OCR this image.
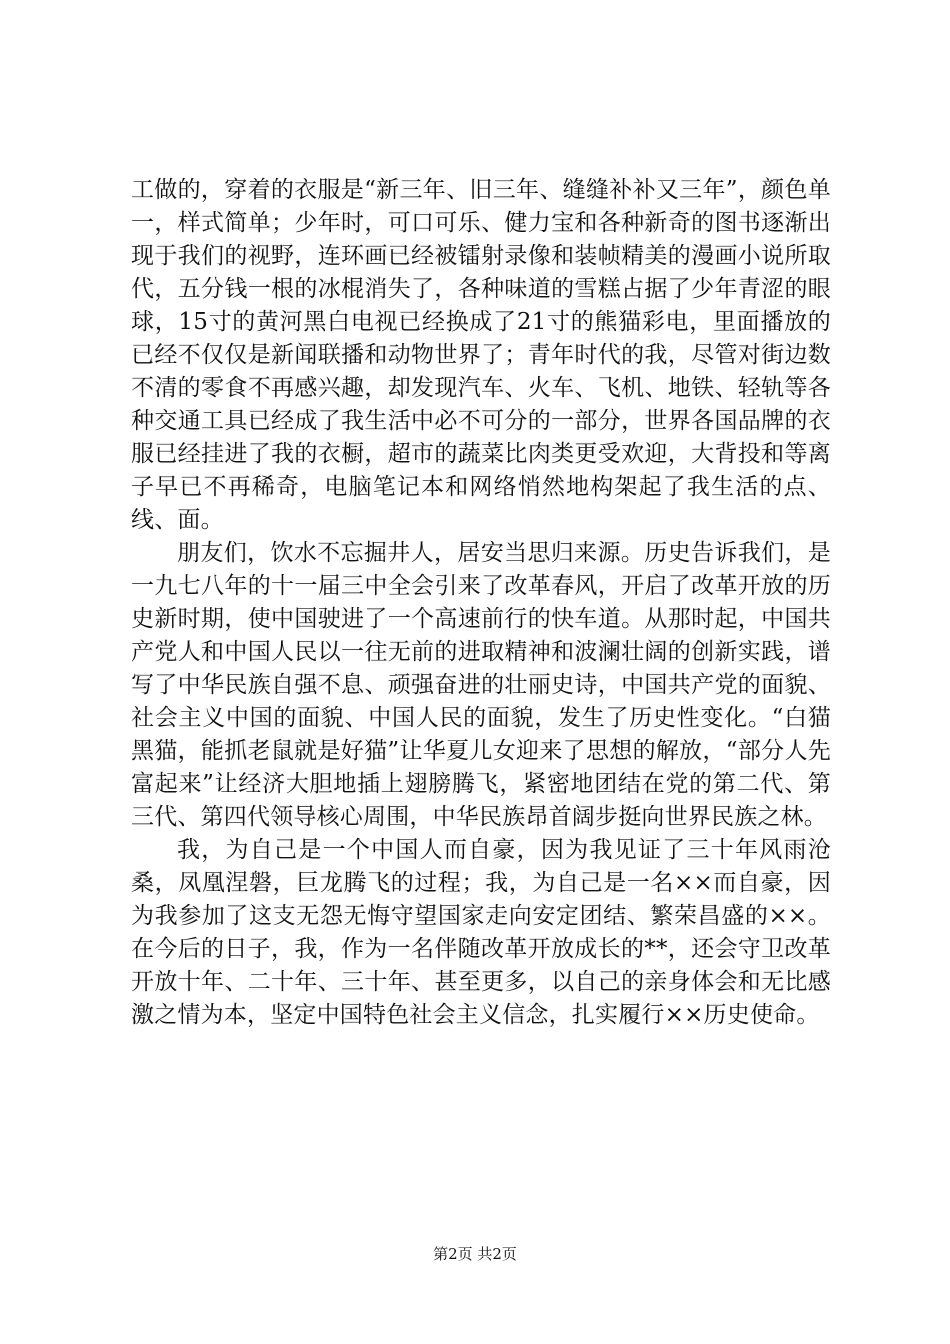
工做的，穿着的衣服是“新三年、旧三年、缝缝补补又三年”，颜色单一，样式简单；少年时，可口可乐、健力宝和各种新奇的图书逐渐出现于我们的视野，连环画已经被镭射录像和装帧精美的漫画小说所取代，五分钱一根的冰棍消失了，各种味道的雪糕占据了少年青涩的眼球，15寸的黄河黑白电视已经换成了21寸的熊猫彩电，里面播放的已经不仅仅是新闻联播和动物世界了；青年时代的我，尽管对街边数不清的零食不再感兴趣，却发现汽车、火车、飞机、地铁、轻轨等各种交通工具已经成了我生活中必不可分的一部分，世界各国品牌的衣服已经挂进了我的衣橱，超市的蔬菜比肉类更受欢迎，大背投和等离子早已不再稀奇，电脑笔记本和网络悄然地构架起了我生活的点、线、面。

朋友们，饮水不忘掘井人，居安当思归来源。历史告诉我们，是一九七八年的十一届三中全会引来了改革春风，开启了改革开放的历史新时期，使中国驶进了一个高速前行的快车道。从那时起，中国共产党人和中国人民以一往无前的进取精神和波澜壮阔的创新实践，谱写了中华民族自强不息、顽强奋进的壮丽史诗，中国共产党的面貌、社会主义中国的面貌、中国人民的面貌，发生了历史性变化。“白猫黑猫，能抓老鼠就是好猫”让华夏儿女迎来了思想的解放，“部分人先富起来”让经济大胆地插上翅膀腾飞，紧密地团结在党的第二代、第三代、第四代领导核心周围，中华民族昂首阔步挺向世界民族之林。

我，为自己是一个中国人而自豪，因为我见证了三十年风雨沧桑，凤凰涅磐，巨龙腾飞的过程；我，为自己是一名××而自豪，因为我参加了这支无怨无悔守望国家走向安定团结、繁荣昌盛的××。在今后的日子，我，作为一名伴随改革开放成长的**，还会守卫改革开放十年、二十年、三十年、甚至更多，以自己的亲身体会和无比感激之情为本，坚定中国特色社会主义信念，扎实履行××历史使命。

第2页 共2页
